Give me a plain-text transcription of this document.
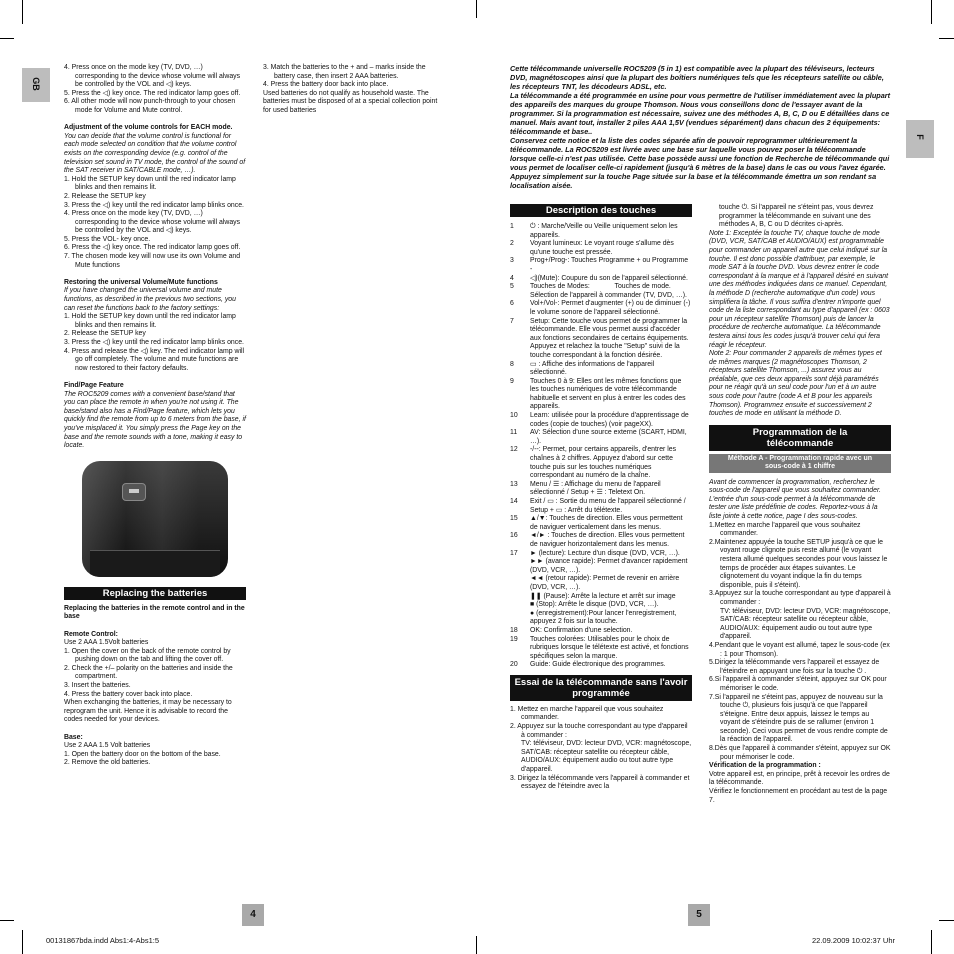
GB
F
4	5
00131867bda.indd Abs1:4-Abs1:5	22.09.2009 10:02:37 Uhr

4. Press once on the mode key (TV, DVD, …) corresponding to the device whose volume will always be controlled by the VOL and ◁) keys.

5. Press the ◁) key once. The red indicator lamp goes off.

6. All other mode will now punch-through to your chosen mode for Volume and Mute control.

Adjustment of the volume controls for EACH mode.

You can decide that the volume control is functional for each mode selected on condition that the volume control exists on the corresponding device (e.g. control of the television set sound in TV mode, the control of the sound of the SAT receiver in SAT/CABLE mode, …).

1. Hold the SETUP key down until the red indicator lamp blinks and then remains lit.

2. Release the SETUP key

3. Press the ◁) key until the red indicator lamp blinks once.

4. Press once on the mode key (TV, DVD, …) corresponding to the device whose volume will always be controlled by the VOL and ◁) keys.

5. Press the VOL- key once.

6. Press the ◁) key once. The red indicator lamp goes off.

7. The chosen mode key will now use its own Volume and Mute functions

Restoring the universal Volume/Mute functions

If you have changed the universal volume and mute functions, as described in the previous two sections, you can reset the functions back to the factory settings:

1. Hold the SETUP key down until the red indicator lamp blinks and then remains lit.

2. Release the SETUP key

3. Press the ◁) key until the red indicator lamp blinks once.

4. Press and release the ◁) key. The red indicator lamp will go off completely. The volume and mute functions are now restored to their factory defaults.

Find/Page Feature

The ROC5209 comes with a convenient base/stand that you can place the remote in when you're not using it. The base/stand also has a Find/Page feature, which lets you quickly find the remote from up to 6 meters from the base, if you've misplaced it. You simply press the Page key on the base and the remote sounds with a tone, making it easy to locate.

Replacing the batteries

Replacing the batteries in the remote control and in the base

Remote Control:

Use 2 AAA 1.5Volt batteries

1. Open the cover on the back of the remote control by pushing down on the tab and lifting the cover off.

2. Check the +/– polarity on the batteries and inside the compartment.

3. Insert the batteries.

4. Press the battery cover back into place.

When exchanging the batteries, it may be necessary to reprogram the unit. Hence it is advisable to record the codes needed for your devices.

Base:

Use 2 AAA 1.5 Volt batteries

1. Open the battery door on the bottom of the base.

2. Remove the old batteries.

3. Match the batteries to the + and – marks inside the battery case, then insert 2 AAA batteries.

4. Press the battery door back into place.

Used batteries do not qualify as household waste. The batteries must be disposed of at a special collection point for used batteries

Cette télécommande universelle ROC5209 (5 in 1) est compatible avec la plupart des téléviseurs, lecteurs DVD, magnétoscopes ainsi que la plupart des boîtiers numériques tels que les récepteurs satellite ou câble, les récepteurs TNT, les décodeurs ADSL, etc.

La télécommande a été programmée en usine pour vous permettre de l'utiliser immédiatement avec la plupart des appareils des marques du groupe Thomson. Nous vous conseillons donc de l'essayer avant de la programmer. Si la programmation est nécessaire, suivez une des méthodes A, B, C, D ou E détaillées dans ce manuel. Mais avant tout, installer 2 piles AAA 1,5V (vendues séparément) dans chacun des 2 équipements: télécommande et base..

Conservez cette notice et la liste des codes séparée afin de pouvoir reprogrammer ultérieurement la télécommande. La ROC5209 est livrée avec une base sur laquelle vous pouvez poser la télécommande lorsque celle-ci n'est pas utilisée. Cette base possède aussi une fonction de Recherche de télécommande qui vous permet de localiser celle-ci rapidement (jusqu'à 6 mètres de la base) dans le cas ou vous l'avez égarée. Appuyez simplement sur la touche Page située sur la base et la télécommande émettra un son rendant sa localisation aisée.

Description des touches
1	⏻ : Marche/Veille ou Veille uniquement selon les appareils.
2	Voyant lumineux: Le voyant rouge s'allume dès qu'une touche est pressée.
3	Prog+/Prog-: Touches Programme + ou Programme -
4	◁)(Mute): Coupure du son de l'appareil sélectionné.
5	Touches de Modes:             Touches de mode. Sélection de l'appareil à commander (TV, DVD, …).
6	Vol+/Vol-: Permet d'augmenter (+) ou de diminuer (-) le volume sonore de l'appareil sélectionné.
7	Setup: Cette touche vous permet de programmer la télécommande. Elle vous permet aussi d'accéder aux fonctions secondaires de certains équipements. Appuyez et relachez la touche "Setup" suivi de la touche correspondant à la fonction désirée.
8	▭ : Affiche des informations de l'appareil sélectionné.
9	Touches 0 à 9: Elles ont les mêmes fonctions que les touches numériques de votre télécommande habituelle et servent en plus à entrer les codes des appareils.
10	Learn: utilisée pour la procédure d'apprentissage de codes (copie de touches) (voir pageXX).
11	AV: Sélection d'une source externe (SCART, HDMI, …).
12	-/--: Permet, pour certains appareils, d'entrer les chaînes à 2 chiffres. Appuyez d'abord sur cette touche puis sur les touches numériques correspondant au numéro de la chaîne.
13	Menu / ☰ : Affichage du menu de l'appareil sélectionné / Setup + ☰ : Teletext On.
14	Exit / ▭ : Sortie du menu de l'appareil sélectionné / Setup + ▭ : Arrêt du télétexte.
15	▲/▼: Touches de direction. Elles vous permettent de naviguer verticalement dans les menus.
16	◄/► : Touches de direction. Elles vous permettent de naviguer horizontalement dans les menus.
17	► (lecture): Lecture d'un disque (DVD, VCR, …).
►► (avance rapide): Permet d'avancer rapidement (DVD, VCR, …).
◄◄ (retour rapide): Permet de revenir en arrière (DVD, VCR, …).
❚❚ (Pause): Arrête la lecture et arrêt sur image
■ (Stop): Arrête le disque (DVD, VCR, …).
● (enregistrement):Pour lancer l'enregistrement, appuyez 2 fois sur la touche.
18	OK: Confirmation d'une selection.
19	Touches colorées: Utilisables pour le choix de rubriques lorsque le télétexte est activé, et fonctions spécifiques selon la marque.
20	Guide: Guide électronique des programmes.
Essai de la télécommande sans l'avoir programmée

1. Mettez en marche l'appareil que vous souhaitez commander.

2. Appuyez sur la touche correspondant au type d'appareil à commander :
TV: téléviseur, DVD: lecteur DVD, VCR: magnétoscope, SAT/CAB: récepteur satellite ou récepteur câble, AUDIO/AUX: équipement audio ou tout autre type d'appareil.

3. Dirigez la télécommande vers l'appareil à commander et essayez de l'éteindre avec la

touche ⏻. Si l'appareil ne s'éteint pas, vous devrez programmer la télécommande en suivant une des méthodes A, B, C ou D décrites ci-après.

Note 1: Exceptée la touche TV, chaque touche de mode (DVD, VCR, SAT/CAB et AUDIO/AUX) est programmable pour commander un appareil autre que celui indiqué sur la touche. Il est donc possible d'attribuer, par exemple, le mode SAT à la touche DVD. Vous devrez entrer le code correspondant à la marque et à l'appareil désiré en suivant une des méthodes indiquées dans ce manuel. Cependant, la méthode D (recherche automatique d'un code) vous simplifiera la tâche. Il vous suffira d'entrer n'importe quel code de la liste correspondant au type d'appareil (ex : 0603 pour un récepteur satellite Thomson) puis de lancer la procédure de recherche automatique. La télécommande testera ainsi tous les codes jusqu'à trouver celui qui fera réagir le récepteur.

Note 2: Pour commander 2 appareils de mêmes types et de mêmes marques (2 magnétoscopes Thomson, 2 récepteurs satellite Thomson, ...) assurez vous au préalable, que ces deux appareils sont déjà paramétrés pour ne réagir qu'à un seul code pour l'un et à un autre sous code pour l'autre (code A et B pour les appareils Thomson). Programmez ensuite et successivement 2 touches de mode en utilisant la méthode D.

Programmation de la télécommande
Méthode A - Programmation rapide avec un sous-code à 1 chiffre

Avant de commencer la programmation, recherchez le sous-code de l'appareil que vous souhaitez commander. L'entrée d'un sous-code permet à la télécommande de tester une liste prédéfinie de codes. Reportez-vous à la liste jointe à cette notice, page I des sous-codes.

1.Mettez en marche l'appareil que vous souhaitez commander.

2.Maintenez appuyée la touche SETUP jusqu'à ce que le voyant rouge clignote puis reste allumé (le voyant restera allumé quelques secondes pour vous laissez le temps de procéder aux étapes suivantes. Le clignotement du voyant indique la fin du temps disponible, puis il s'éteint).

3.Appuyez sur la touche correspondant au type d'appareil à commander :
TV: téléviseur, DVD: lecteur DVD, VCR: magnétoscope, SAT/CAB: récepteur satellite ou récepteur câble, AUDIO/AUX: équipement audio ou tout autre type d'appareil.

4.Pendant que le voyant est allumé, tapez le sous-code (ex : 1 pour Thomson).

5.Dirigez la télécommande vers l'appareil et essayez de l'éteindre en appuyant une fois sur la touche ⏻ .

6.Si l'appareil à commander s'éteint, appuyez sur OK pour mémoriser le code.

7.Si l'appareil ne s'éteint pas, appuyez de nouveau sur la touche ⏻, plusieurs fois jusqu'à ce que l'appareil s'éteigne. Entre deux appuis, laissez le temps au voyant de s'éteindre puis de se rallumer (environ 1 seconde). Ceci vous permet de vous rendre compte de la réaction de l'appareil.

8.Dès que l'appareil à commander s'éteint, appuyez sur OK pour mémoriser le code.

Vérification de la programmation :

Votre appareil est, en principe, prêt à recevoir les ordres de la télécommande.
Vérifiez le fonctionnement en procédant au test de la page 7.
